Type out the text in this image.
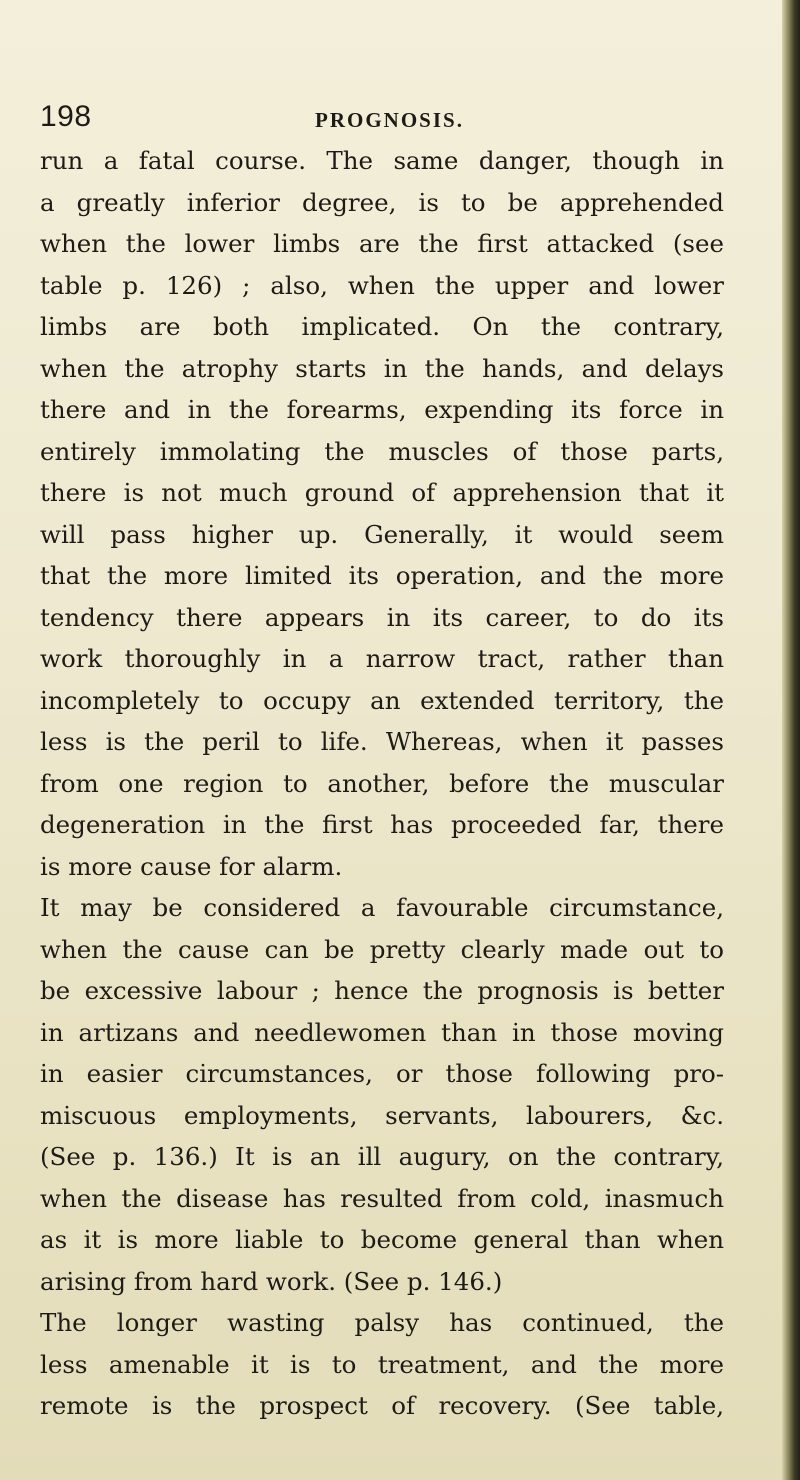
198	PROGNOSIS.
run a fatal course. The same danger, though in
a greatly inferior degree, is to be apprehended
when the lower limbs are the first attacked (see
table p. 126) ; also, when the upper and lower
limbs are both implicated. On the contrary,
when the atrophy starts in the hands, and delays
there and in the forearms, expending its force in
entirely immolating the muscles of those parts,
there is not much ground of apprehension that it
will pass higher up. Generally, it would seem
that the more limited its operation, and the more
tendency there appears in its career, to do its
work thoroughly in a narrow tract, rather than
incompletely to occupy an extended territory, the
less is the peril to life. Whereas, when it passes
from one region to another, before the muscular
degeneration in the first has proceeded far, there
is more cause for alarm.
It may be considered a favourable circumstance,
when the cause can be pretty clearly made out to
be excessive labour ; hence the prognosis is better
in artizans and needlewomen than in those moving
in easier circumstances, or those following pro-
miscuous employments, servants, labourers, &c.
(See p. 136.) It is an ill augury, on the contrary,
when the disease has resulted from cold, inasmuch
as it is more liable to become general than when
arising from hard work. (See p. 146.)
The longer wasting palsy has continued, the
less amenable it is to treatment, and the more
remote is the prospect of recovery. (See table,
